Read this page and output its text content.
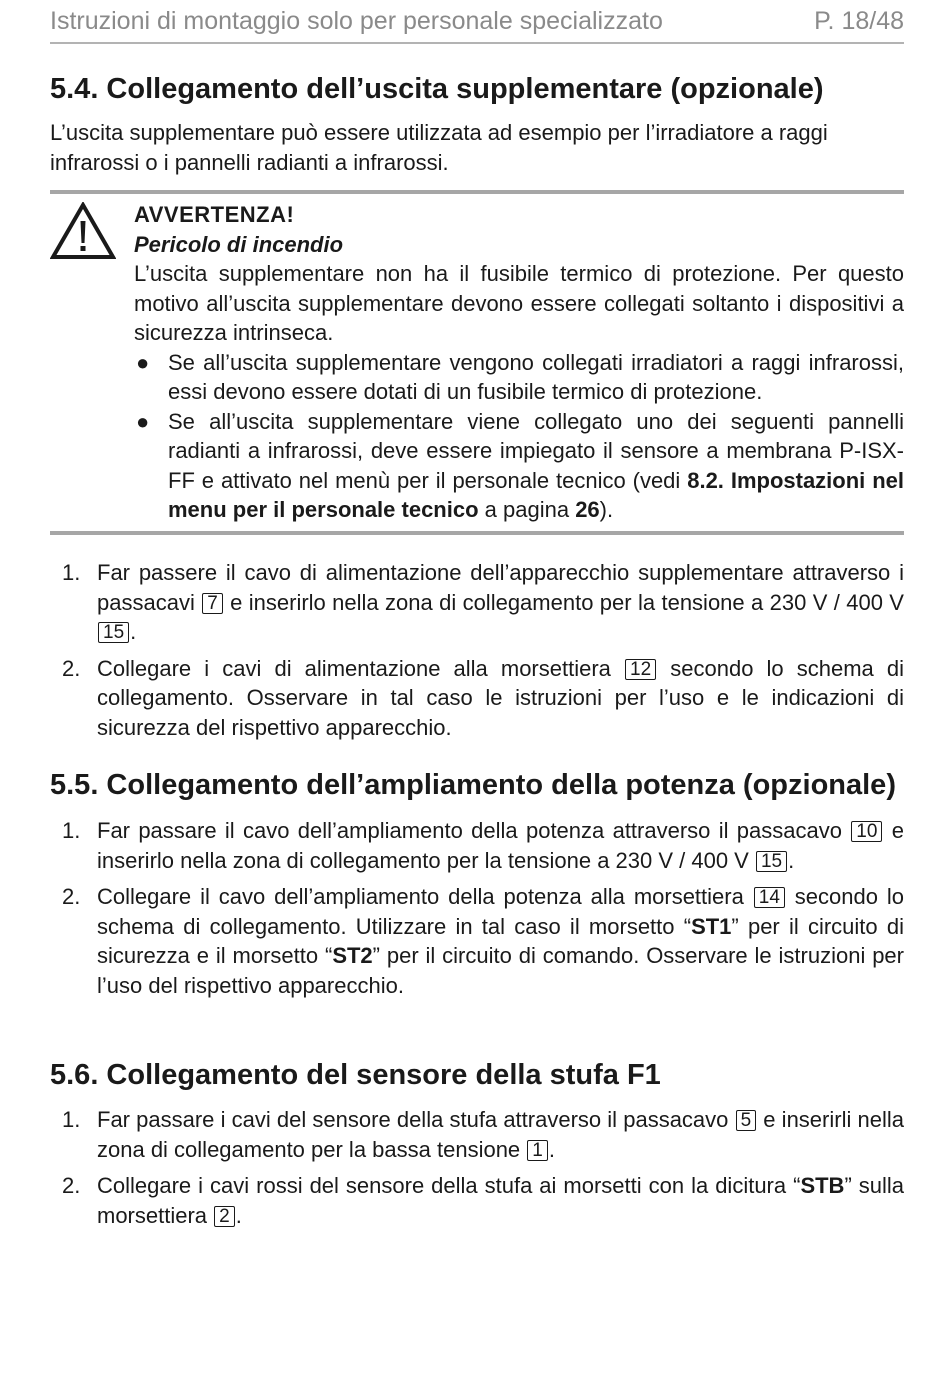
Istruzioni di montaggio solo per personale specializzato	P. 18/48
5.4. Collegamento dell’uscita supplementare (opzionale)

L’uscita supplementare può essere utilizzata ad esempio per l’irradiatore a raggi infrarossi o i pannelli radianti a infrarossi.

AVVERTENZA!
Pericolo di incendio

L’uscita supplementare non ha il fusibile termico di protezione. Per questo motivo all’uscita supplementare devono essere collegati soltanto i dispositivi a sicurezza intrinseca.

● Se all’uscita supplementare vengono collegati irradiatori a raggi infrarossi, essi devono essere dotati di un fusibile termico di protezione.
● Se all’uscita supplementare viene collegato uno dei seguenti pannelli radianti a infrarossi, deve essere impiegato il sensore a membrana P-ISX-FF e attivato nel menù per il personale tecnico (vedi 8.2. Impostazioni nel menu per il personale tecnico a pagina 26).
1. Far passere il cavo di alimentazione dell’apparecchio supplementare attraverso i passacavi 7 e inserirlo nella zona di collegamento per la tensione a 230 V / 400 V 15 .
2. Collegare i cavi di alimentazione alla morsettiera 12 secondo lo schema di collegamento. Osservare in tal caso le istruzioni per l’uso e le indicazioni di sicurezza del rispettivo apparecchio.
5.5. Collegamento dell’ampliamento della potenza (opzionale)
1. Far passare il cavo dell’ampliamento della potenza attraverso il passacavo 10 e inserirlo nella zona di collegamento per la tensione a 230 V / 400 V 15 .
2. Collegare il cavo dell’ampliamento della potenza alla morsettiera 14 secondo lo schema di collegamento. Utilizzare in tal caso il morsetto “ST1” per il circuito di sicurezza e il morsetto “ST2” per il circuito di comando. Osservare le istruzioni per l’uso del rispettivo apparecchio.
5.6. Collegamento del sensore della stufa F1
1. Far passare i cavi del sensore della stufa attraverso il passacavo 5 e inserirli nella zona di collegamento per la bassa tensione 1 .
2. Collegare i cavi rossi del sensore della stufa ai morsetti con la dicitura “STB” sulla morsettiera 2 .
